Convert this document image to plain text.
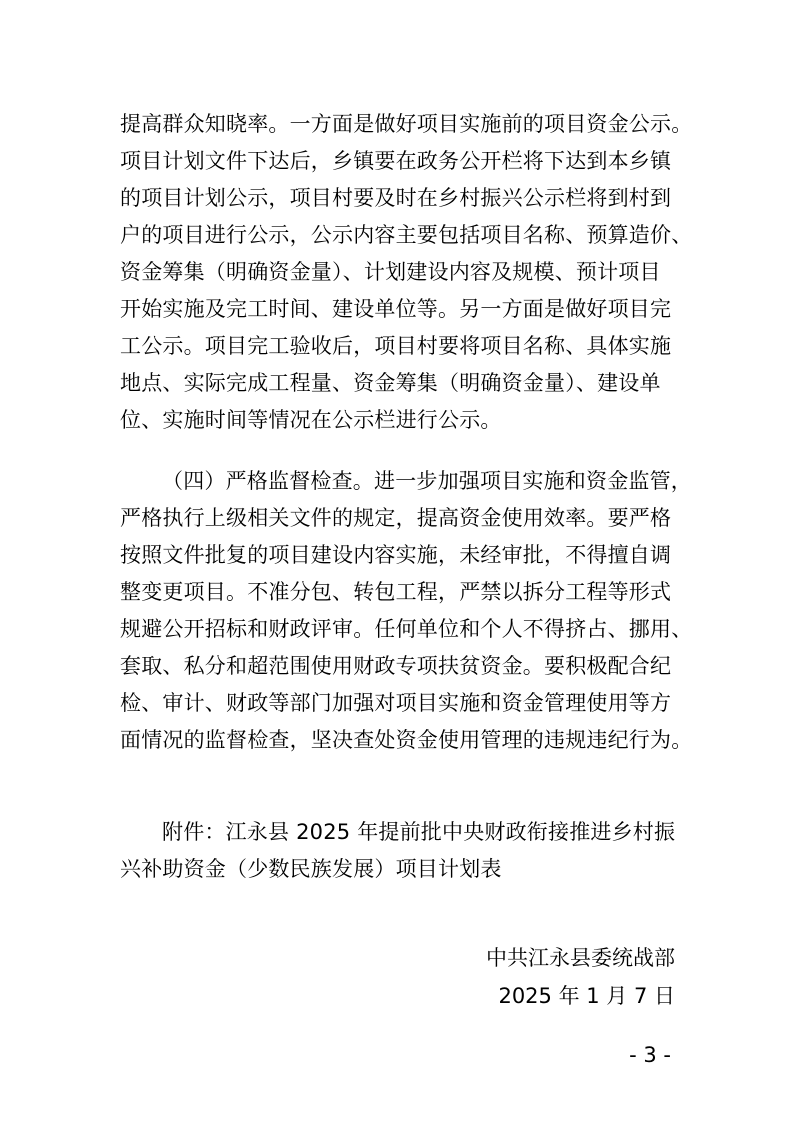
提高群众知晓率。一方面是做好项目实施前的项目资金公示。
项目计划文件下达后，乡镇要在政务公开栏将下达到本乡镇
的项目计划公示，项目村要及时在乡村振兴公示栏将到村到
户的项目进行公示，公示内容主要包括项目名称、预算造价、
资金筹集（明确资金量）、计划建设内容及规模、预计项目
开始实施及完工时间、建设单位等。另一方面是做好项目完
工公示。项目完工验收后，项目村要将项目名称、具体实施
地点、实际完成工程量、资金筹集（明确资金量）、建设单
位、实施时间等情况在公示栏进行公示。
（四）严格监督检查。进一步加强项目实施和资金监管，
严格执行上级相关文件的规定，提高资金使用效率。要严格
按照文件批复的项目建设内容实施，未经审批，不得擅自调
整变更项目。不准分包、转包工程，严禁以拆分工程等形式
规避公开招标和财政评审。任何单位和个人不得挤占、挪用、
套取、私分和超范围使用财政专项扶贫资金。要积极配合纪
检、审计、财政等部门加强对项目实施和资金管理使用等方
面情况的监督检查，坚决查处资金使用管理的违规违纪行为。
附件：江永县 2025 年提前批中央财政衔接推进乡村振
兴补助资金（少数民族发展）项目计划表
中共江永县委统战部
2025 年 1 月 7 日
- 3 -
